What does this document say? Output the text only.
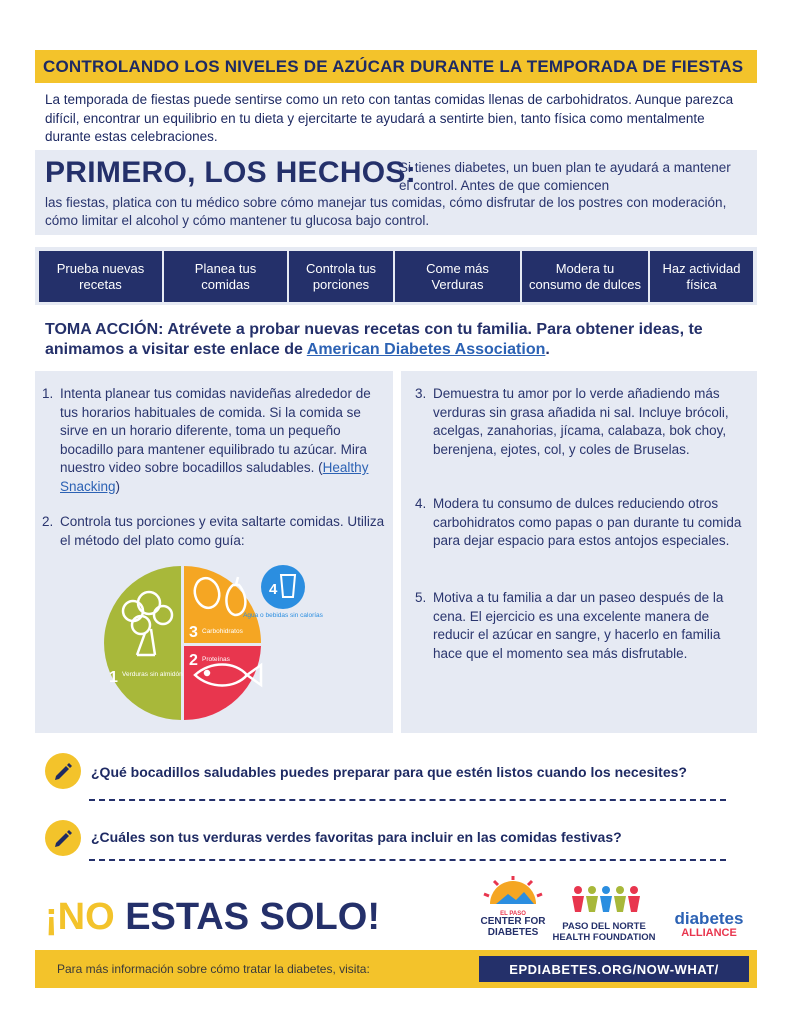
CONTROLANDO LOS NIVELES DE AZÚCAR DURANTE LA TEMPORADA DE FIESTAS
La temporada de fiestas puede sentirse como un reto con tantas comidas llenas de carbohidratos. Aunque parezca difícil, encontrar un equilibrio en tu dieta y ejercitarte te ayudará a sentirte bien, tanto física como mentalmente durante estas celebraciones.
PRIMERO, LOS HECHOS:
Si tienes diabetes, un buen plan te ayudará a mantener el control. Antes de que comiencen
las fiestas, platica con tu médico sobre cómo manejar tus comidas, cómo disfrutar de los postres con moderación, cómo limitar el alcohol y cómo mantener tu glucosa bajo control.
Prueba nuevas recetas
Planea tus comidas
Controla tus porciones
Come más Verduras
Modera tu consumo de dulces
Haz actividad física
TOMA ACCIÓN: Atrévete a probar nuevas recetas con tu familia. Para obtener ideas, te animamos a visitar este enlace de American Diabetes Association.
1. Intenta planear tus comidas navideñas alrededor de tus horarios habituales de comida. Si la comida se sirve en un horario diferente, toma un pequeño bocadillo para mantener equilibrado tu azúcar. Mira nuestro video sobre bocadillos saludables. (Healthy Snacking)
2. Controla tus porciones y evita saltarte comidas. Utiliza el método del plato como guía:
1 Verduras sin almidón
3 Carbohidratos
2 Proteínas
4
Agua o bebidas sin calorías
3. Demuestra tu amor por lo verde añadiendo más verduras sin grasa añadida ni sal. Incluye brócoli, acelgas, zanahorias, jícama, calabaza, bok choy, berenjena, ejotes, col, y coles de Bruselas.
4. Modera tu consumo de dulces reduciendo otros carbohidratos como papas o pan durante tu comida para dejar espacio para estos antojos especiales.
5. Motiva a tu familia a dar un paseo después de la cena. El ejercicio es una excelente manera de reducir el azúcar en sangre, y hacerlo en familia hace que el momento sea más disfrutable.
¿Qué bocadillos saludables puedes preparar para que estén listos cuando los necesites?
¿Cuáles son tus verduras verdes favoritas para incluir en las comidas festivas?
¡NO ESTAS SOLO!	EL PASO
CENTER FOR
DIABETES
PASO DEL NORTE
HEALTH FOUNDATION
diabetes
ALLIANCE
Para más información sobre cómo tratar la diabetes, visita:	EPDIABETES.ORG/NOW-WHAT/
